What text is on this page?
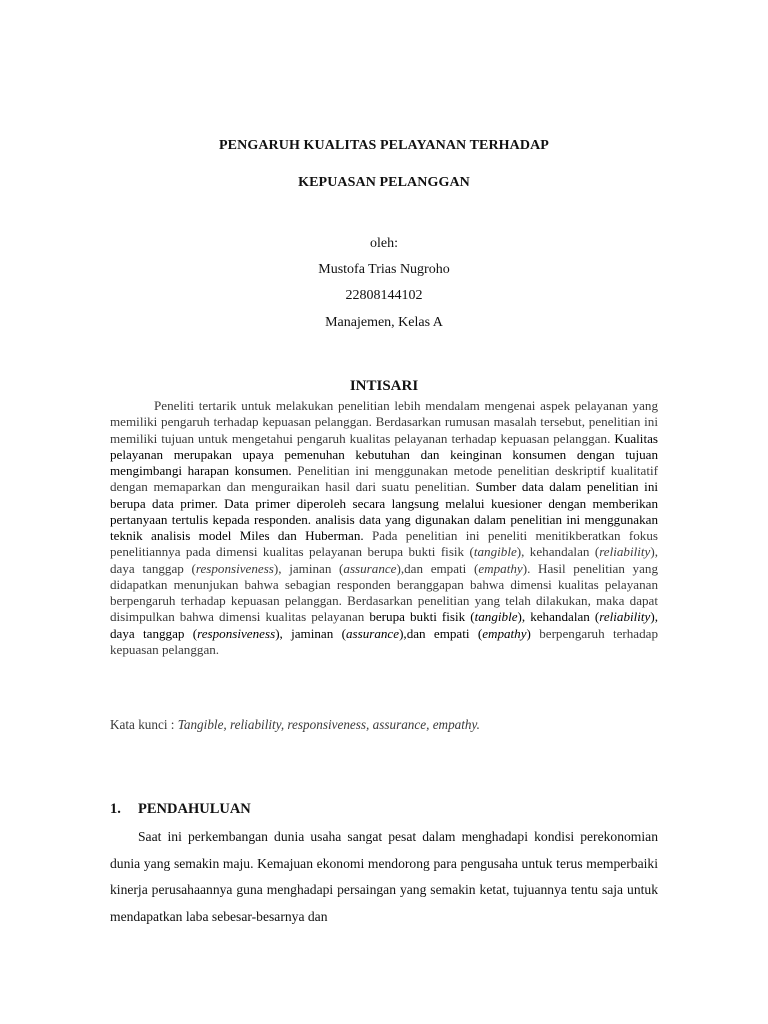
PENGARUH KUALITAS PELAYANAN TERHADAP
KEPUASAN PELANGGAN
oleh:
Mustofa Trias Nugroho
22808144102
Manajemen, Kelas A
INTISARI

Peneliti tertarik untuk melakukan penelitian lebih mendalam mengenai aspek pelayanan yang memiliki pengaruh terhadap kepuasan pelanggan. Berdasarkan rumusan masalah tersebut, penelitian ini memiliki tujuan untuk mengetahui pengaruh kualitas pelayanan terhadap kepuasan pelanggan. Kualitas pelayanan merupakan upaya pemenuhan kebutuhan dan keinginan konsumen dengan tujuan mengimbangi harapan konsumen. Penelitian ini menggunakan metode penelitian deskriptif kualitatif dengan memaparkan dan menguraikan hasil dari suatu penelitian. Sumber data dalam penelitian ini berupa data primer. Data primer diperoleh secara langsung melalui kuesioner dengan memberikan pertanyaan tertulis kepada responden. analisis data yang digunakan dalam penelitian ini menggunakan teknik analisis model Miles dan Huberman. Pada penelitian ini peneliti menitikberatkan fokus penelitiannya pada dimensi kualitas pelayanan berupa bukti fisik (tangible), kehandalan (reliability), daya tanggap (responsiveness), jaminan (assurance),dan empati (empathy). Hasil penelitian yang didapatkan menunjukan bahwa sebagian responden beranggapan bahwa dimensi kualitas pelayanan berpengaruh terhadap kepuasan pelanggan. Berdasarkan penelitian yang telah dilakukan, maka dapat disimpulkan bahwa dimensi kualitas pelayanan berupa bukti fisik (tangible), kehandalan (reliability), daya tanggap (responsiveness), jaminan (assurance),dan empati (empathy) berpengaruh terhadap kepuasan pelanggan.

Kata kunci : Tangible, reliability, responsiveness, assurance, empathy.
1. PENDAHULUAN

Saat ini perkembangan dunia usaha sangat pesat dalam menghadapi kondisi perekonomian dunia yang semakin maju. Kemajuan ekonomi mendorong para pengusaha untuk terus memperbaiki kinerja perusahaannya guna menghadapi persaingan yang semakin ketat, tujuannya tentu saja untuk mendapatkan laba sebesar-besarnya dan
